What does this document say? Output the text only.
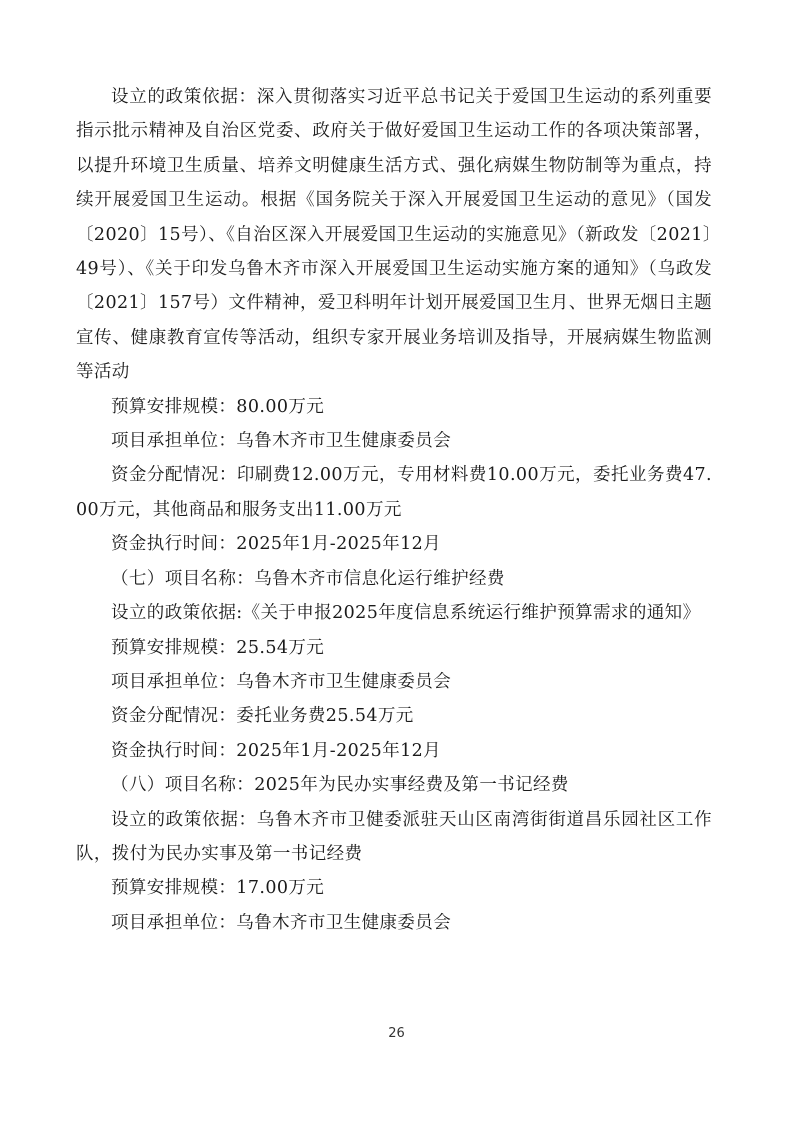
设立的政策依据：深入贯彻落实习近平总书记关于爱国卫生运动的系列重要指示批示精神及自治区党委、政府关于做好爱国卫生运动工作的各项决策部署，以提升环境卫生质量、培养文明健康生活方式、强化病媒生物防制等为重点，持续开展爱国卫生运动。根据《国务院关于深入开展爱国卫生运动的意见》（国发〔2020〕15号）、《自治区深入开展爱国卫生运动的实施意见》（新政发〔2021〕49号）、《关于印发乌鲁木齐市深入开展爱国卫生运动实施方案的通知》（乌政发〔2021〕157号）文件精神，爱卫科明年计划开展爱国卫生月、世界无烟日主题宣传、健康教育宣传等活动，组织专家开展业务培训及指导，开展病媒生物监测等活动

预算安排规模：80.00万元

项目承担单位：乌鲁木齐市卫生健康委员会

资金分配情况：印刷费12.00万元，专用材料费10.00万元，委托业务费47.00万元，其他商品和服务支出11.00万元

资金执行时间：2025年1月-2025年12月

（七）项目名称：乌鲁木齐市信息化运行维护经费

设立的政策依据:《关于申报2025年度信息系统运行维护预算需求的通知》

预算安排规模：25.54万元

项目承担单位：乌鲁木齐市卫生健康委员会

资金分配情况：委托业务费25.54万元

资金执行时间：2025年1月-2025年12月

（八）项目名称：2025年为民办实事经费及第一书记经费

设立的政策依据：乌鲁木齐市卫健委派驻天山区南湾街街道昌乐园社区工作队，拨付为民办实事及第一书记经费

预算安排规模：17.00万元

项目承担单位：乌鲁木齐市卫生健康委员会

26
